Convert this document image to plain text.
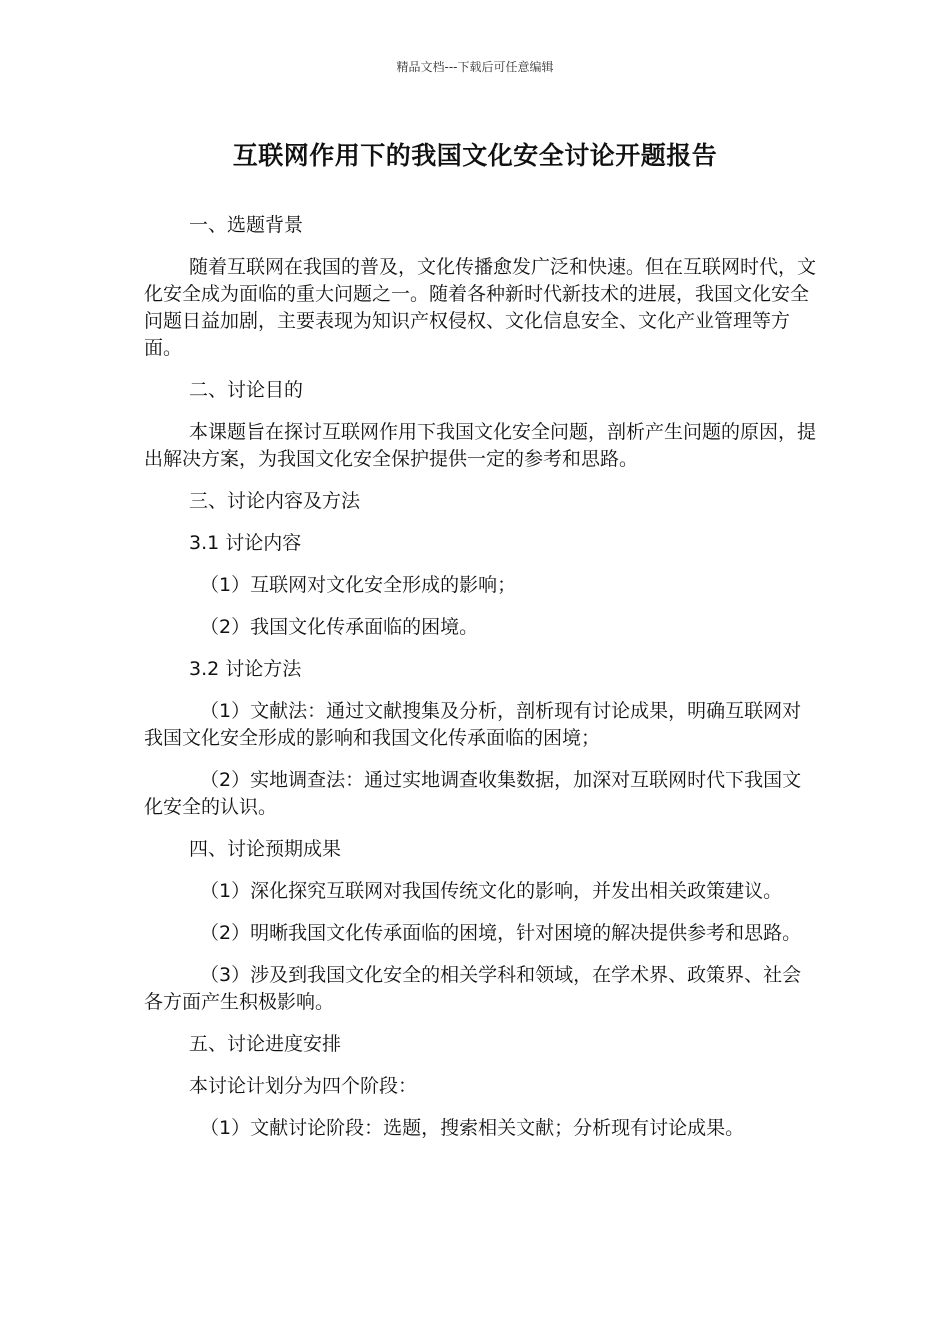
精品文档---下载后可任意编辑
互联网作用下的我国文化安全讨论开题报告

一、选题背景

随着互联网在我国的普及，文化传播愈发广泛和快速。但在互联网时代，文化安全成为面临的重大问题之一。随着各种新时代新技术的进展，我国文化安全问题日益加剧，主要表现为知识产权侵权、文化信息安全、文化产业管理等方面。

二、讨论目的

本课题旨在探讨互联网作用下我国文化安全问题，剖析产生问题的原因，提出解决方案，为我国文化安全保护提供一定的参考和思路。

三、讨论内容及方法

3.1 讨论内容

（1）互联网对文化安全形成的影响；

（2）我国文化传承面临的困境。

3.2 讨论方法

（1）文献法：通过文献搜集及分析，剖析现有讨论成果，明确互联网对我国文化安全形成的影响和我国文化传承面临的困境；

（2）实地调查法：通过实地调查收集数据，加深对互联网时代下我国文化安全的认识。

四、讨论预期成果

（1）深化探究互联网对我国传统文化的影响，并发出相关政策建议。

（2）明晰我国文化传承面临的困境，针对困境的解决提供参考和思路。

（3）涉及到我国文化安全的相关学科和领域，在学术界、政策界、社会各方面产生积极影响。

五、讨论进度安排

本讨论计划分为四个阶段：

（1）文献讨论阶段：选题，搜索相关文献；分析现有讨论成果。
